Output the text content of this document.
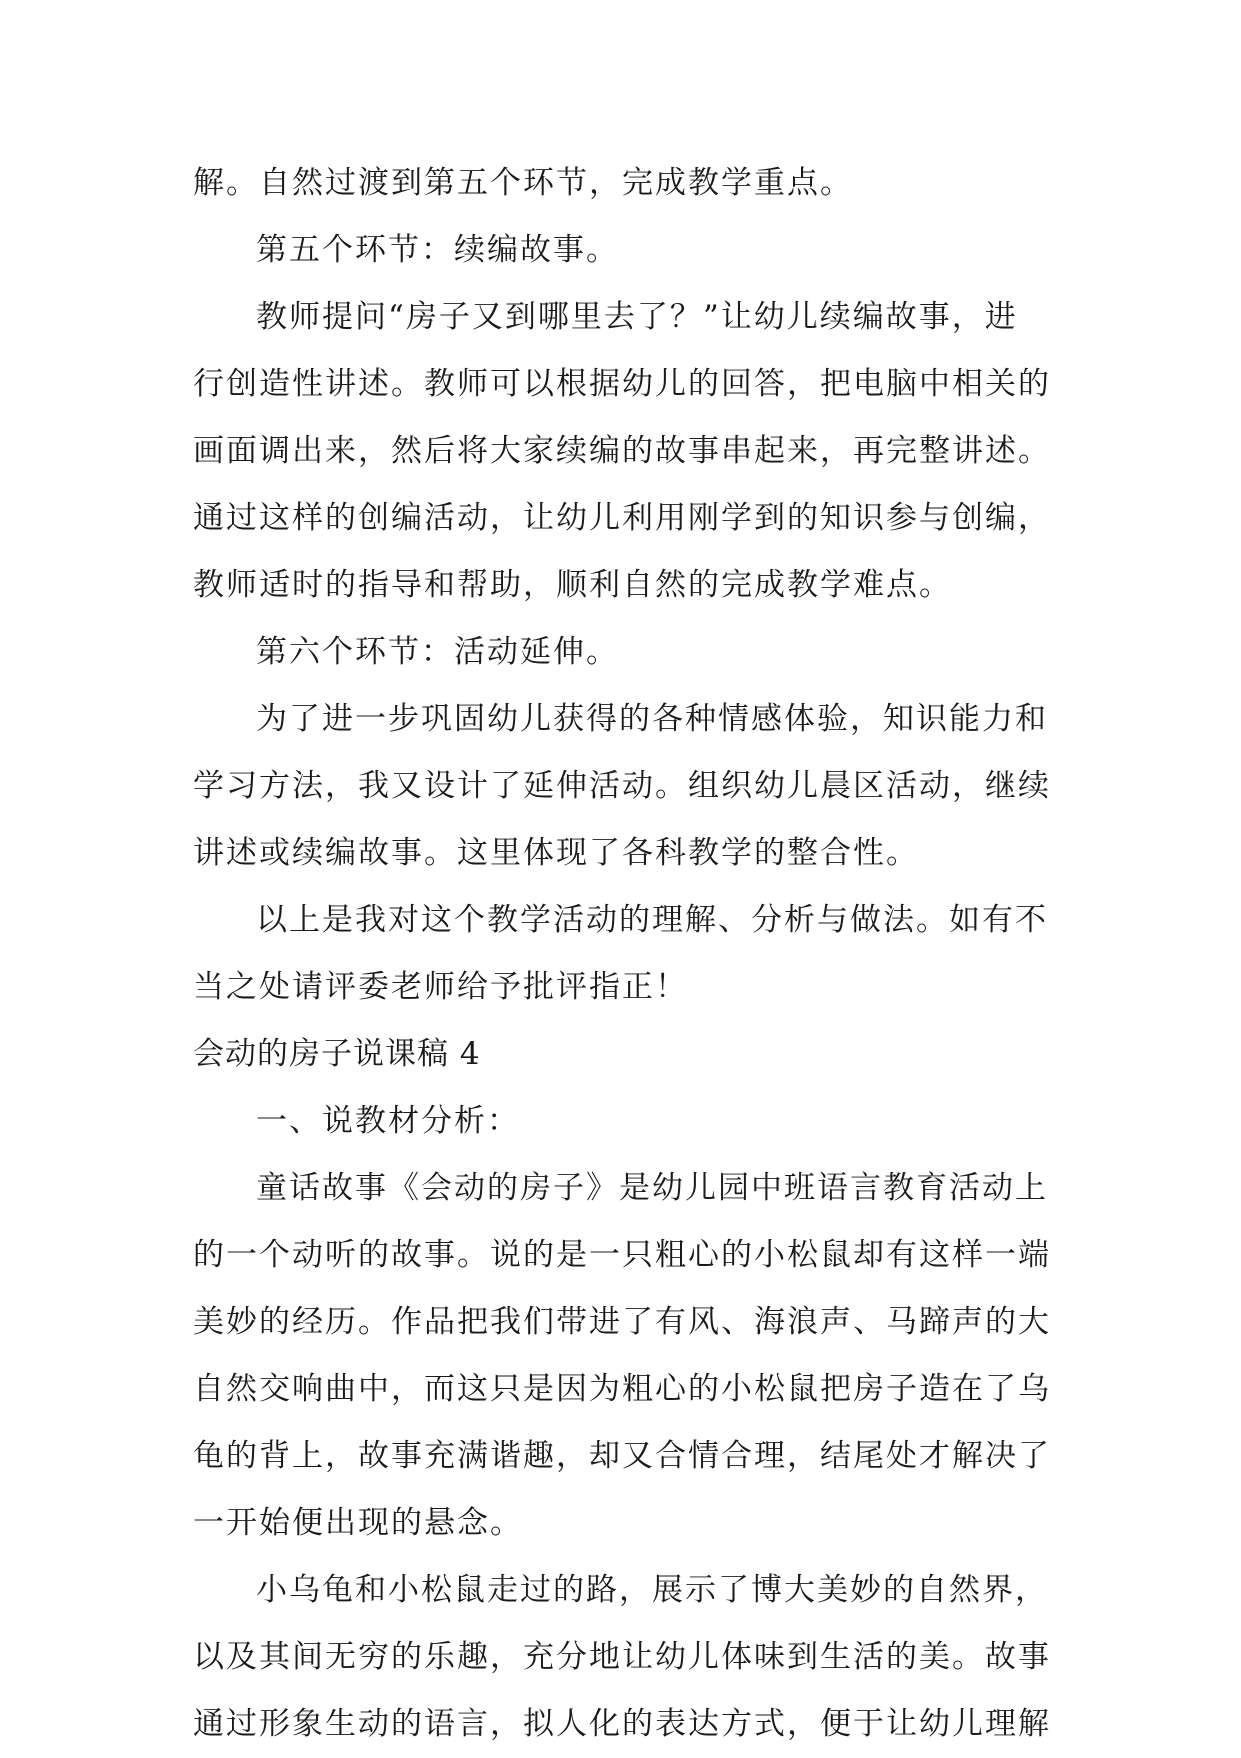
解。自然过渡到第五个环节，完成教学重点。
第五个环节：续编故事。
教师提问“房子又到哪里去了？”让幼儿续编故事，进
行创造性讲述。教师可以根据幼儿的回答，把电脑中相关的
画面调出来，然后将大家续编的故事串起来，再完整讲述。
通过这样的创编活动，让幼儿利用刚学到的知识参与创编，
教师适时的指导和帮助，顺利自然的完成教学难点。
第六个环节：活动延伸。
为了进一步巩固幼儿获得的各种情感体验，知识能力和
学习方法，我又设计了延伸活动。组织幼儿晨区活动，继续
讲述或续编故事。这里体现了各科教学的整合性。
以上是我对这个教学活动的理解、分析与做法。如有不
当之处请评委老师给予批评指正！
会动的房子说课稿 4
一、说教材分析：
童话故事《会动的房子》是幼儿园中班语言教育活动上
的一个动听的故事。说的是一只粗心的小松鼠却有这样一端
美妙的经历。作品把我们带进了有风、海浪声、马蹄声的大
自然交响曲中，而这只是因为粗心的小松鼠把房子造在了乌
龟的背上，故事充满谐趣，却又合情合理，结尾处才解决了
一开始便出现的悬念。
小乌龟和小松鼠走过的路，展示了博大美妙的自然界，
以及其间无穷的乐趣，充分地让幼儿体味到生活的美。故事
通过形象生动的语言，拟人化的表达方式，便于让幼儿理解
